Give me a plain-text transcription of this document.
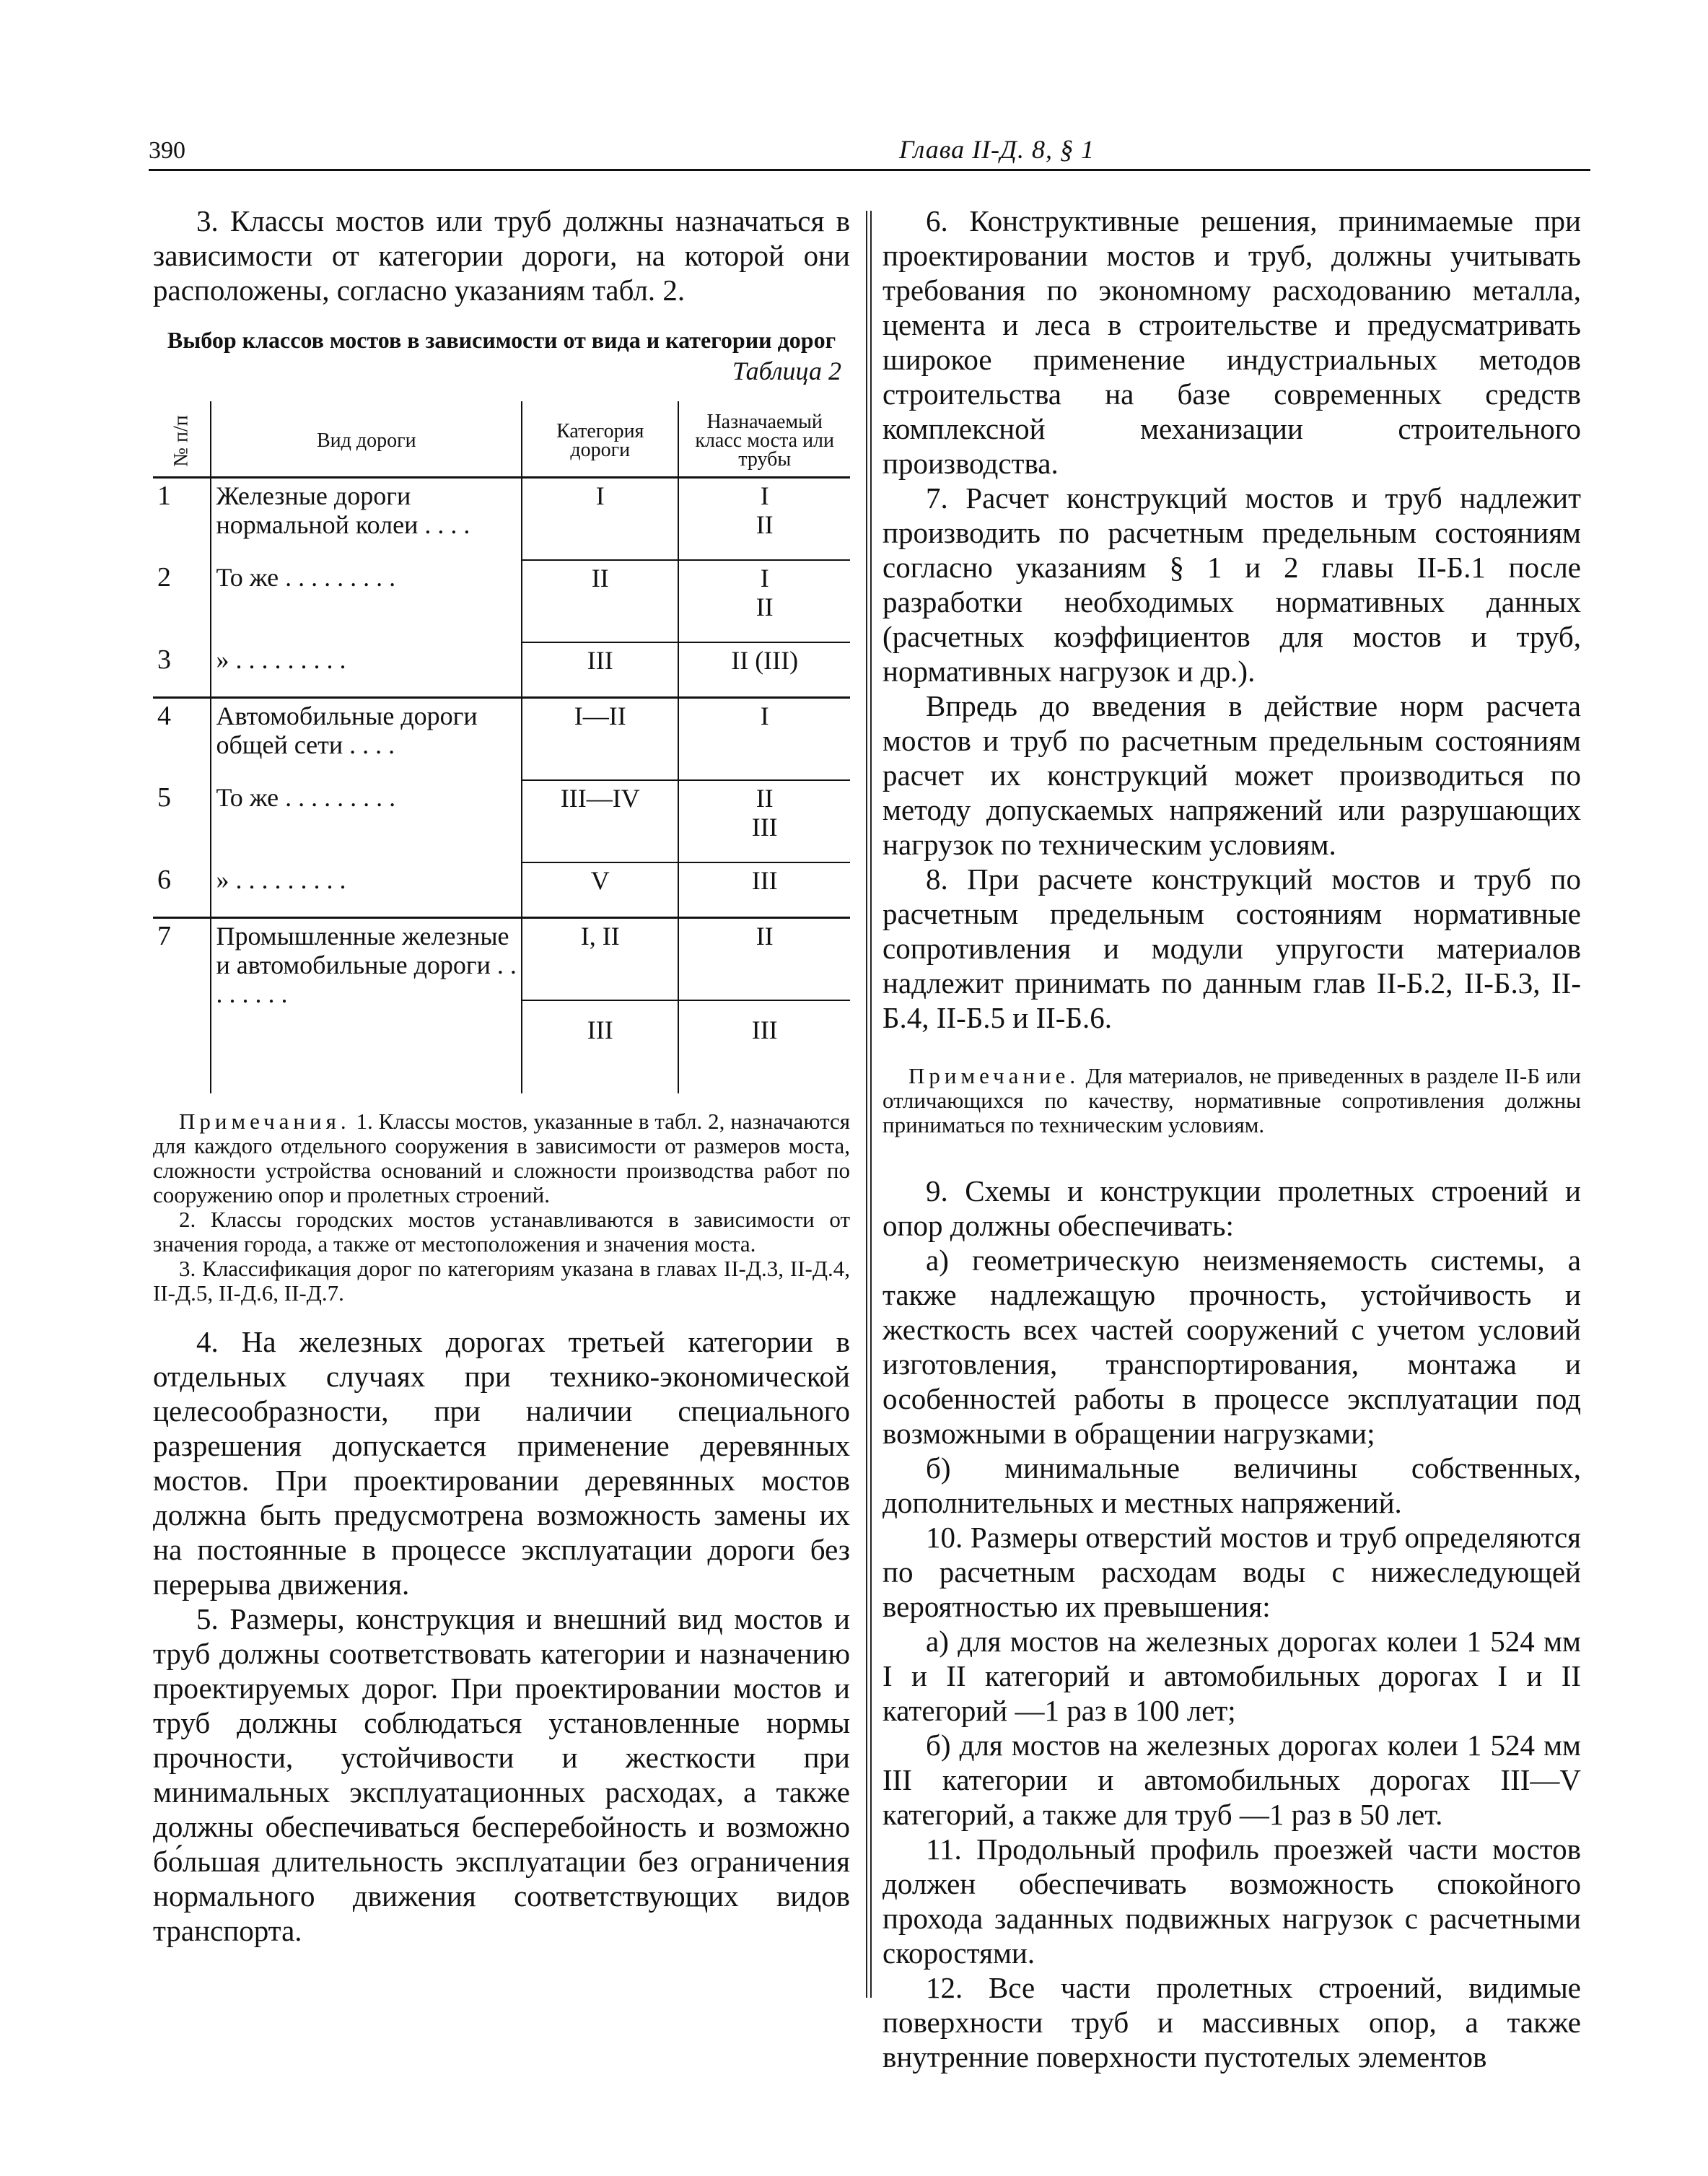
390	Глава II-Д. 8, § 1

3. Классы мостов или труб должны назначаться в зависимости от категории дороги, на которой они расположены, согласно указаниям табл. 2.

Выбор классов мостов в зависимости от вида и категории дорог
Таблица 2
№ п/п	Вид дороги	Категория дороги	Назначаемый класс моста или трубы
1	Железные дороги нормальной колеи . . . .	I	I
II
2	То же . . . . . . . . .	II	I
II
3	» . . . . . . . . .	III	II (III)
4	Автомобильные дороги общей сети . . . .	I—II	I
5	То же . . . . . . . . .	III—IV	II
III
6	» . . . . . . . . .	V	III
7	Промышленные железные и автомобильные дороги . . . . . . . .	I, II	II
		III	III

Примечания. 1. Классы мостов, указанные в табл. 2, назначаются для каждого отдельного сооружения в зависимости от размеров моста, сложности устройства оснований и сложности производства работ по сооружению опор и пролетных строений.

2. Классы городских мостов устанавливаются в зависимости от значения города, а также от местоположения и значения моста.

3. Классификация дорог по категориям указана в главах II-Д.3, II-Д.4, II-Д.5, II-Д.6, II-Д.7.

4. На железных дорогах третьей категории в отдельных случаях при технико-экономической целесообразности, при наличии специального разрешения допускается применение деревянных мостов. При проектировании деревянных мостов должна быть предусмотрена возможность замены их на постоянные в процессе эксплуатации дороги без перерыва движения.

5. Размеры, конструкция и внешний вид мостов и труб должны соответствовать категории и назначению проектируемых дорог. При проектировании мостов и труб должны соблюдаться установленные нормы прочности, устойчивости и жесткости при минимальных эксплуатационных расходах, а также должны обеспечиваться бесперебойность и возможно бо́льшая длительность эксплуатации без ограничения нормального движения соответствующих видов транспорта.

6. Конструктивные решения, принимаемые при проектировании мостов и труб, должны учитывать требования по экономному расходованию металла, цемента и леса в строительстве и предусматривать широкое применение индустриальных методов строительства на базе современных средств комплексной механизации строительного производства.

7. Расчет конструкций мостов и труб надлежит производить по расчетным предельным состояниям согласно указаниям § 1 и 2 главы II-Б.1 после разработки необходимых нормативных данных (расчетных коэффициентов для мостов и труб, нормативных нагрузок и др.).

Впредь до введения в действие норм расчета мостов и труб по расчетным предельным состояниям расчет их конструкций может производиться по методу допускаемых напряжений или разрушающих нагрузок по техническим условиям.

8. При расчете конструкций мостов и труб по расчетным предельным состояниям нормативные сопротивления и модули упругости материалов надлежит принимать по данным глав II-Б.2, II-Б.3, II-Б.4, II-Б.5 и II-Б.6.

Примечание. Для материалов, не приведенных в разделе II-Б или отличающихся по качеству, нормативные сопротивления должны приниматься по техническим условиям.

9. Схемы и конструкции пролетных строений и опор должны обеспечивать:

а) геометрическую неизменяемость системы, а также надлежащую прочность, устойчивость и жесткость всех частей сооружений с учетом условий изготовления, транспортирования, монтажа и особенностей работы в процессе эксплуатации под возможными в обращении нагрузками;

б) минимальные величины собственных, дополнительных и местных напряжений.

10. Размеры отверстий мостов и труб определяются по расчетным расходам воды с нижеследующей вероятностью их превышения:

а) для мостов на железных дорогах колеи 1 524 мм I и II категорий и автомобильных дорогах I и II категорий —1 раз в 100 лет;

б) для мостов на железных дорогах колеи 1 524 мм III категории и автомобильных дорогах III—V категорий, а также для труб —1 раз в 50 лет.

11. Продольный профиль проезжей части мостов должен обеспечивать возможность спокойного прохода заданных подвижных нагрузок с расчетными скоростями.

12. Все части пролетных строений, видимые поверхности труб и массивных опор, а также внутренние поверхности пустотелых элементов
